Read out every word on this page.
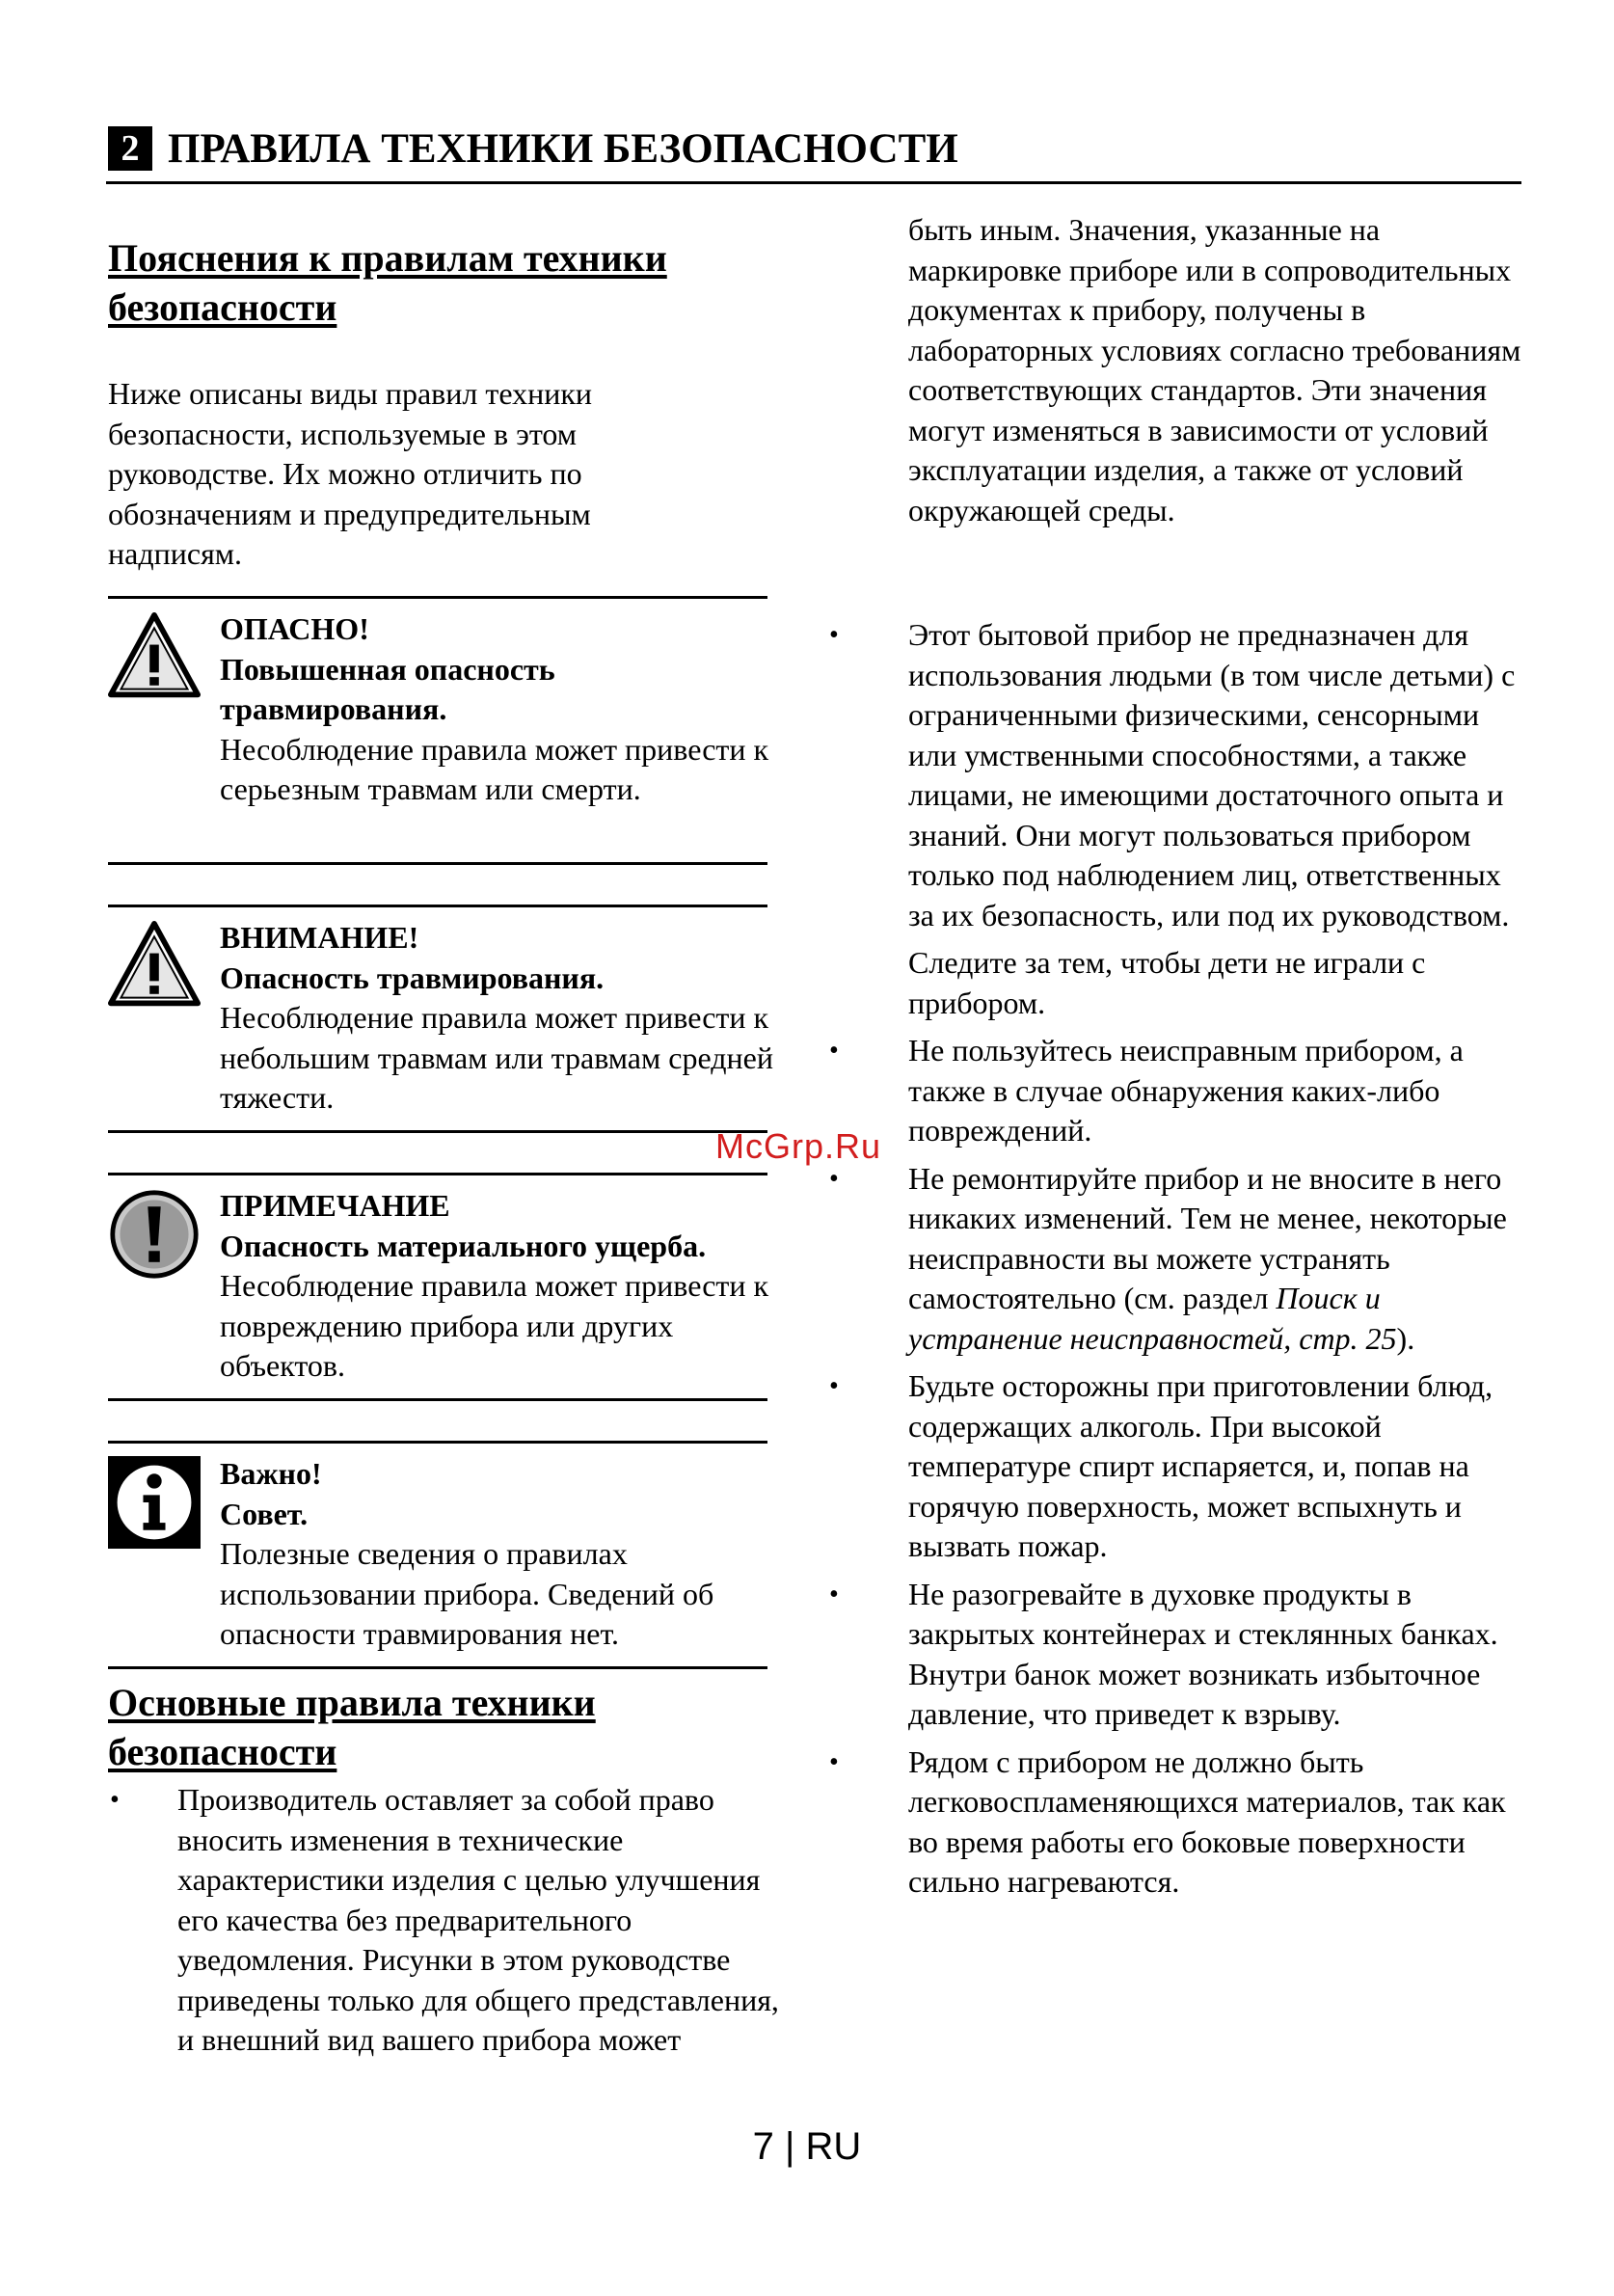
2 ПРАВИЛА ТЕХНИКИ БЕЗОПАСНОСТИ
Пояснения к правилам техники безопасности

Ниже описаны виды правил техники безопасности, используемые в этом руководстве. Их можно отличить по обозначениям и предупредительным надписям.

ОПАСНО!
Повышенная опасность травмирования.
Несоблюдение правила может привести к серьезным травмам или смерти.
ВНИМАНИЕ!
Опасность травмирования.
Несоблюдение правила может привести к небольшим травмам или травмам средней тяжести.
ПРИМЕЧАНИЕ
Опасность материального ущерба.
Несоблюдение правила может привести к повреждению прибора или других объектов.
Важно!
Совет.
Полезные сведения о правилах использовании прибора. Сведений об опасности травмирования нет.
Основные правила техники безопасности
• Производитель оставляет за собой право вносить изменения в технические характеристики изделия с целью улучшения его качества без предварительного уведомления. Рисунки в этом руководстве приведены только для общего представления, и внешний вид вашего прибора может

быть иным. Значения, указанные на маркировке приборе или в сопроводительных документах к прибору, получены в лабораторных условиях согласно требованиям соответствующих стандартов. Эти значения могут изменяться в зависимости от условий эксплуатации изделия, а также от условий окружающей среды.

• Этот бытовой прибор не предназначен для использования людьми (в том числе детьми) с ограниченными физическими, сенсорными или умственными способностями, а также лицами, не имеющими достаточного опыта и знаний. Они могут пользоваться прибором только под наблюдением лиц, ответственных за их безопасность, или под их руководством.
Следите за тем, чтобы дети не играли с прибором.
• Не пользуйтесь неисправным прибором, а также в случае обнаружения каких-либо повреждений.
• Не ремонтируйте прибор и не вносите в него никаких изменений. Тем не менее, некоторые неисправности вы можете устранять самостоятельно (см. раздел Поиск и устранение неисправностей, стр. 25).
• Будьте осторожны при приготовлении блюд, содержащих алкоголь. При высокой температуре спирт испаряется, и, попав на горячую поверхность, может вспыхнуть и вызвать пожар.
• Не разогревайте в духовке продукты в закрытых контейнерах и стеклянных банках. Внутри банок может возникать избыточное давление, что приведет к взрыву.
• Рядом с прибором не должно быть легковоспламеняющихся материалов, так как во время работы его боковые поверхности сильно нагреваются.
McGrp.Ru
7 | RU
